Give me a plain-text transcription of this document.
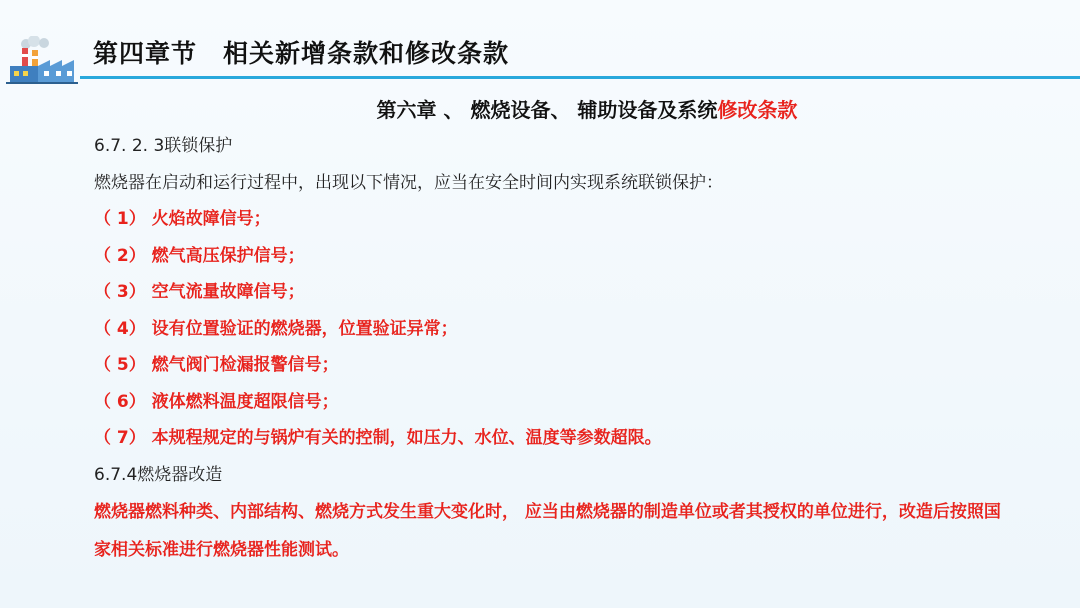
第四章节　相关新增条款和修改条款
第六章 、 燃烧设备、 辅助设备及系统修改条款
6.7. 2. 3联锁保护
燃烧器在启动和运行过程中，出现以下情况，应当在安全时间内实现系统联锁保护：
（ 1） 火焰故障信号；
（ 2） 燃气高压保护信号；
（ 3） 空气流量故障信号；
（ 4） 设有位置验证的燃烧器，位置验证异常；
（ 5） 燃气阀门检漏报警信号；
（ 6） 液体燃料温度超限信号；
（ 7） 本规程规定的与锅炉有关的控制，如压力、水位、温度等参数超限。
6.7.4燃烧器改造
燃烧器燃料种类、内部结构、燃烧方式发生重大变化时， 应当由燃烧器的制造单位或者其授权的单位进行，改造后按照国家相关标准进行燃烧器性能测试。
